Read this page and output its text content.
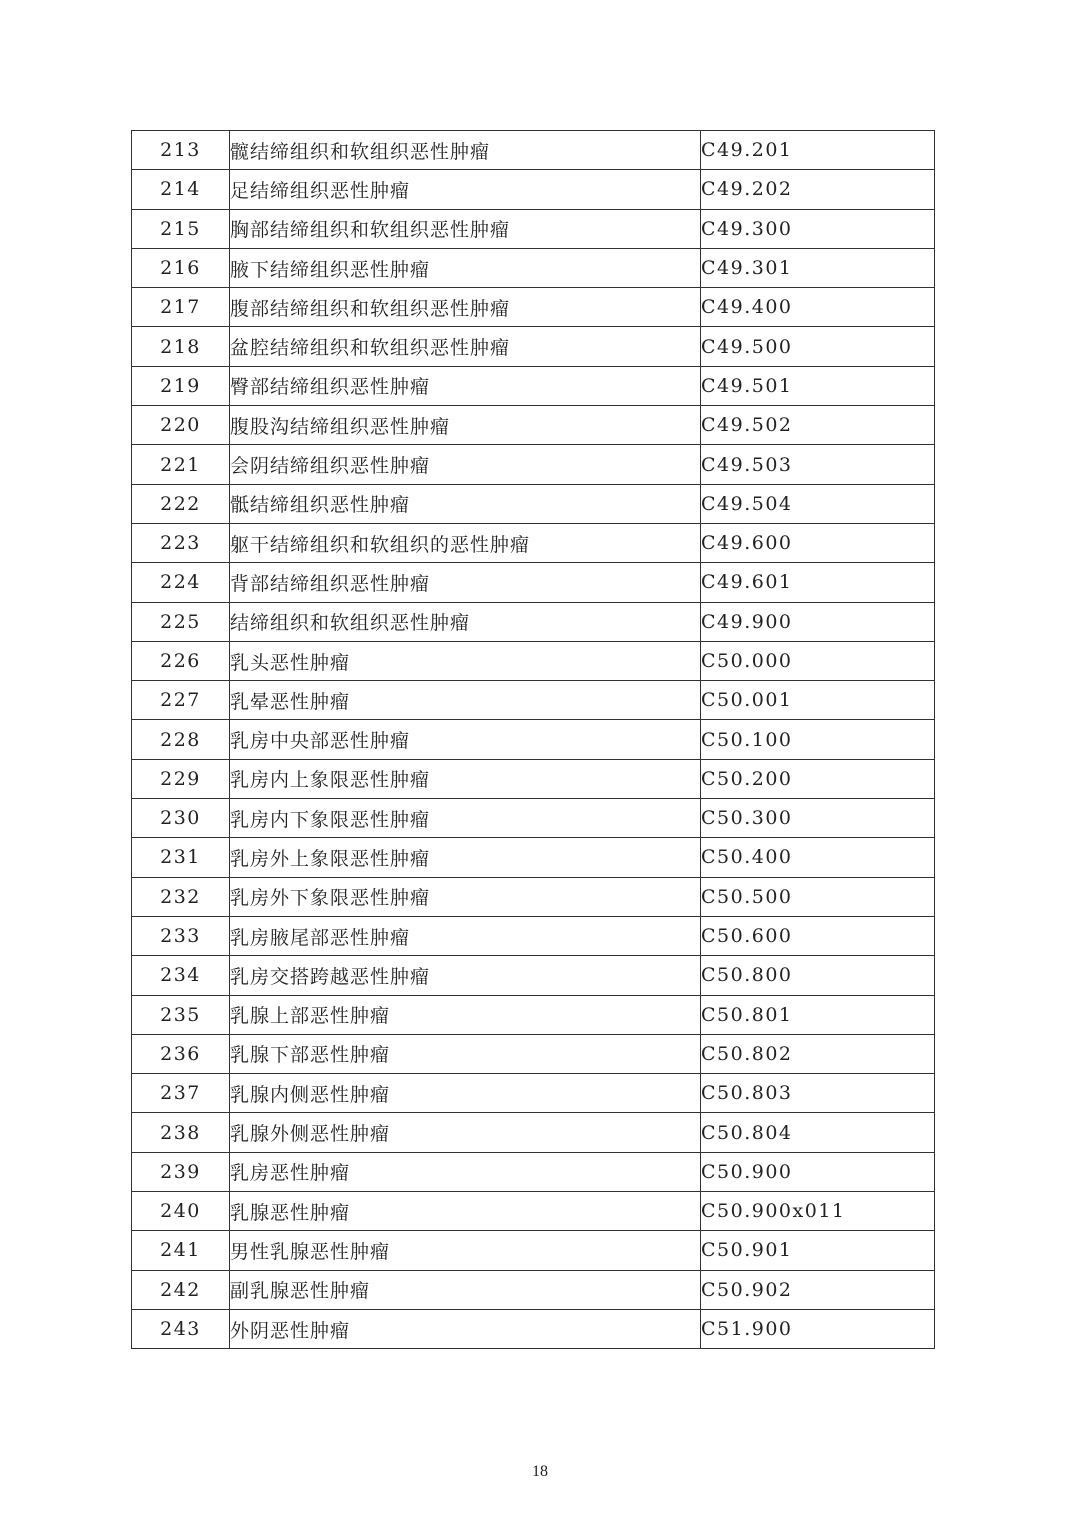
213	髋结缔组织和软组织恶性肿瘤	C49.201
214	足结缔组织恶性肿瘤	C49.202
215	胸部结缔组织和软组织恶性肿瘤	C49.300
216	腋下结缔组织恶性肿瘤	C49.301
217	腹部结缔组织和软组织恶性肿瘤	C49.400
218	盆腔结缔组织和软组织恶性肿瘤	C49.500
219	臀部结缔组织恶性肿瘤	C49.501
220	腹股沟结缔组织恶性肿瘤	C49.502
221	会阴结缔组织恶性肿瘤	C49.503
222	骶结缔组织恶性肿瘤	C49.504
223	躯干结缔组织和软组织的恶性肿瘤	C49.600
224	背部结缔组织恶性肿瘤	C49.601
225	结缔组织和软组织恶性肿瘤	C49.900
226	乳头恶性肿瘤	C50.000
227	乳晕恶性肿瘤	C50.001
228	乳房中央部恶性肿瘤	C50.100
229	乳房内上象限恶性肿瘤	C50.200
230	乳房内下象限恶性肿瘤	C50.300
231	乳房外上象限恶性肿瘤	C50.400
232	乳房外下象限恶性肿瘤	C50.500
233	乳房腋尾部恶性肿瘤	C50.600
234	乳房交搭跨越恶性肿瘤	C50.800
235	乳腺上部恶性肿瘤	C50.801
236	乳腺下部恶性肿瘤	C50.802
237	乳腺内侧恶性肿瘤	C50.803
238	乳腺外侧恶性肿瘤	C50.804
239	乳房恶性肿瘤	C50.900
240	乳腺恶性肿瘤	C50.900x011
241	男性乳腺恶性肿瘤	C50.901
242	副乳腺恶性肿瘤	C50.902
243	外阴恶性肿瘤	C51.900
18
